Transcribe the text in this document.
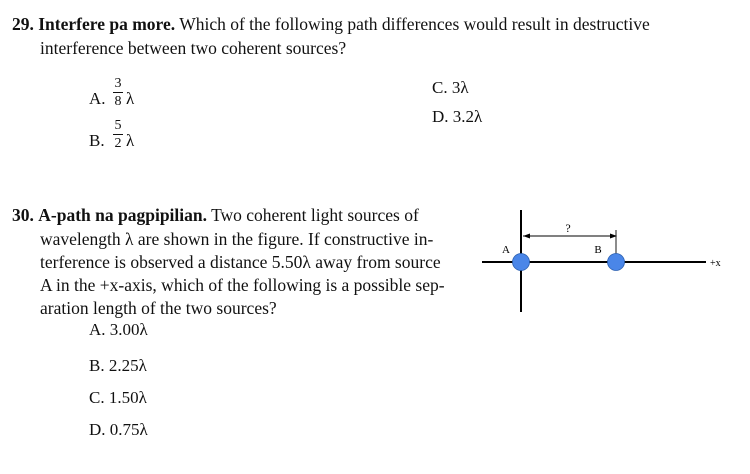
29. Interfere pa more. Which of the following path differences would result in destructive
interference between two coherent sources?
A.
3
8 λ
B.
5
2 λ
C. 3λ
D. 3.2λ
30. A-path na pagpipilian. Two coherent light sources of
wavelength λ are shown in the figure. If constructive in-
terference is observed a distance 5.50λ away from source
A in the +x-axis, which of the following is a possible sep-
aration length of the two sources?
A. 3.00λ
B. 2.25λ
C. 1.50λ
D. 0.75λ
?
A	B
+x
